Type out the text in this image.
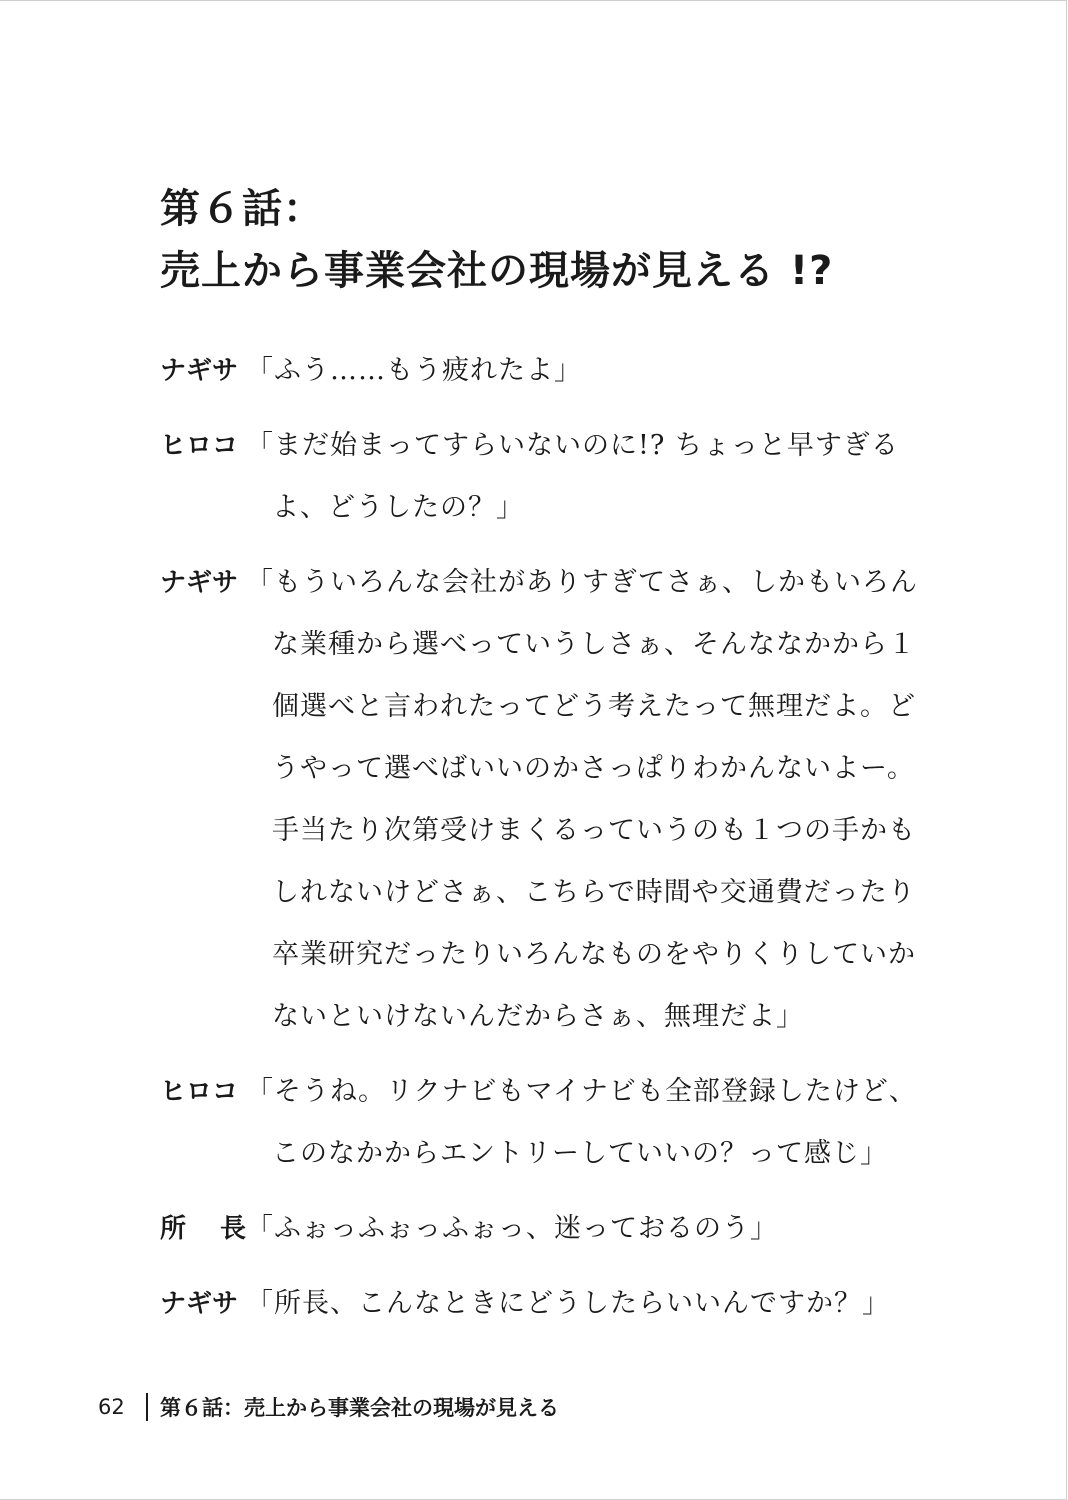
第６話：
売上から事業会社の現場が見える !?
ナギサ 「ふう……もう疲れたよ」
ヒロコ 「まだ始まってすらいないのに!? ちょっと早すぎる
よ、どうしたの？」
ナギサ 「もういろんな会社がありすぎてさぁ、しかもいろん
な業種から選べっていうしさぁ、そんななかから１
個選べと言われたってどう考えたって無理だよ。ど
うやって選べばいいのかさっぱりわかんないよー。
手当たり次第受けまくるっていうのも１つの手かも
しれないけどさぁ、こちらで時間や交通費だったり
卒業研究だったりいろんなものをやりくりしていか
ないといけないんだからさぁ、無理だよ」
ヒロコ 「そうね。リクナビもマイナビも全部登録したけど、
このなかからエントリーしていいの？って感じ」
所 長 「ふぉっふぉっふぉっ、迷っておるのう」
ナギサ 「所長、こんなときにどうしたらいいんですか？」
62	第６話：売上から事業会社の現場が見える
